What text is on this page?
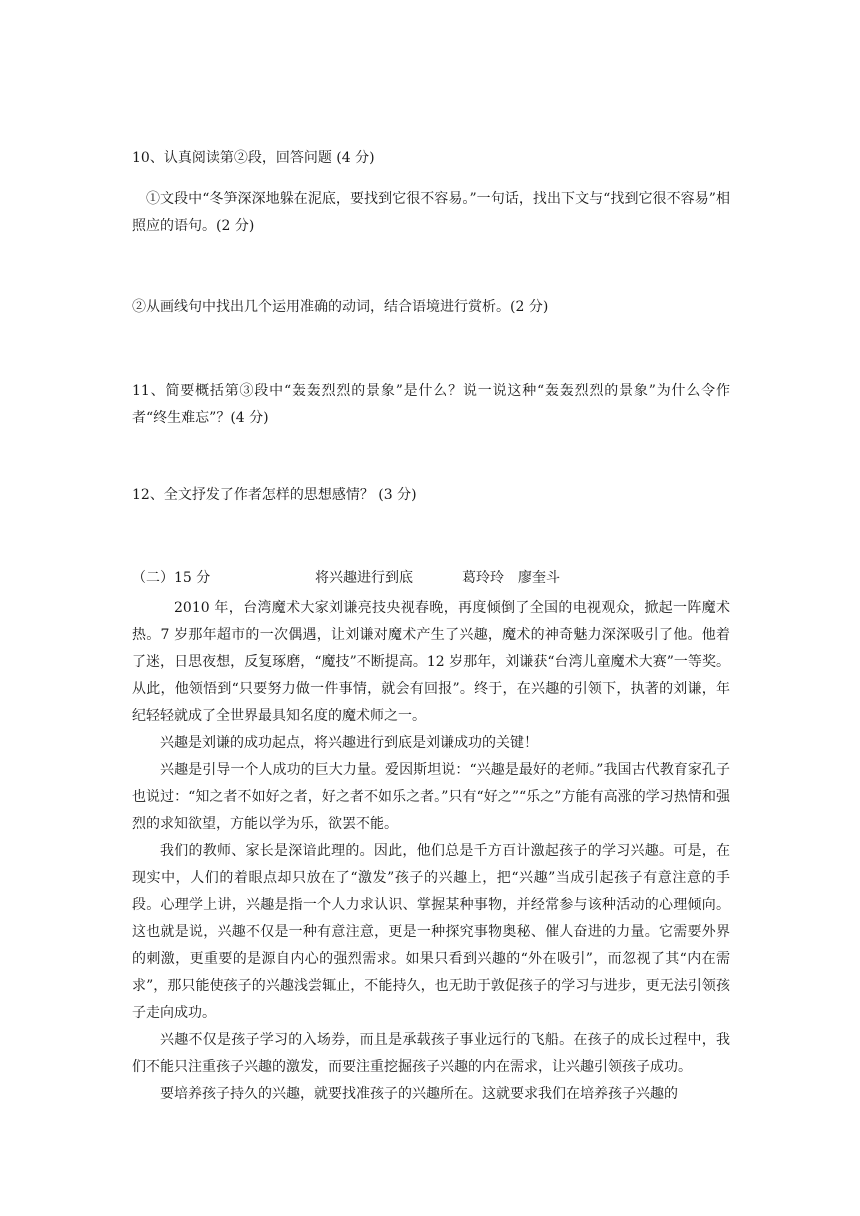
10、认真阅读第②段，回答问题 (4 分)

①文段中“冬笋深深地躲在泥底，要找到它很不容易。”一句话，找出下文与“找到它很不容易”相照应的语句。(2 分)

②从画线句中找出几个运用准确的动词，结合语境进行赏析。(2 分)

11、简要概括第③段中“轰轰烈烈的景象”是什么？说一说这种“轰轰烈烈的景象”为什么令作者“终生难忘”？(4 分)

12、全文抒发了作者怎样的思想感情？ (3 分)

（二）15 分	将兴趣进行到底	葛玲玲　廖奎斗

2010 年，台湾魔术大家刘谦亮技央视春晚，再度倾倒了全国的电视观众，掀起一阵魔术热。7 岁那年超市的一次偶遇，让刘谦对魔术产生了兴趣，魔术的神奇魅力深深吸引了他。他着了迷，日思夜想，反复琢磨，“魔技”不断提高。12 岁那年，刘谦获“台湾儿童魔术大赛”一等奖。从此，他领悟到“只要努力做一件事情，就会有回报”。终于，在兴趣的引领下，执著的刘谦，年纪轻轻就成了全世界最具知名度的魔术师之一。

兴趣是刘谦的成功起点，将兴趣进行到底是刘谦成功的关键！

兴趣是引导一个人成功的巨大力量。爱因斯坦说：“兴趣是最好的老师。”我国古代教育家孔子也说过：“知之者不如好之者，好之者不如乐之者。”只有“好之”“乐之”方能有高涨的学习热情和强烈的求知欲望，方能以学为乐，欲罢不能。

我们的教师、家长是深谙此理的。因此，他们总是千方百计激起孩子的学习兴趣。可是，在现实中，人们的着眼点却只放在了“激发”孩子的兴趣上，把“兴趣”当成引起孩子有意注意的手段。心理学上讲，兴趣是指一个人力求认识、掌握某种事物，并经常参与该种活动的心理倾向。这也就是说，兴趣不仅是一种有意注意，更是一种探究事物奥秘、催人奋进的力量。它需要外界的刺激，更重要的是源自内心的强烈需求。如果只看到兴趣的“外在吸引”，而忽视了其“内在需求”，那只能使孩子的兴趣浅尝辄止，不能持久，也无助于敦促孩子的学习与进步，更无法引领孩子走向成功。

兴趣不仅是孩子学习的入场券，而且是承载孩子事业远行的飞船。在孩子的成长过程中，我们不能只注重孩子兴趣的激发，而要注重挖掘孩子兴趣的内在需求，让兴趣引领孩子成功。

要培养孩子持久的兴趣，就要找准孩子的兴趣所在。这就要求我们在培养孩子兴趣的
